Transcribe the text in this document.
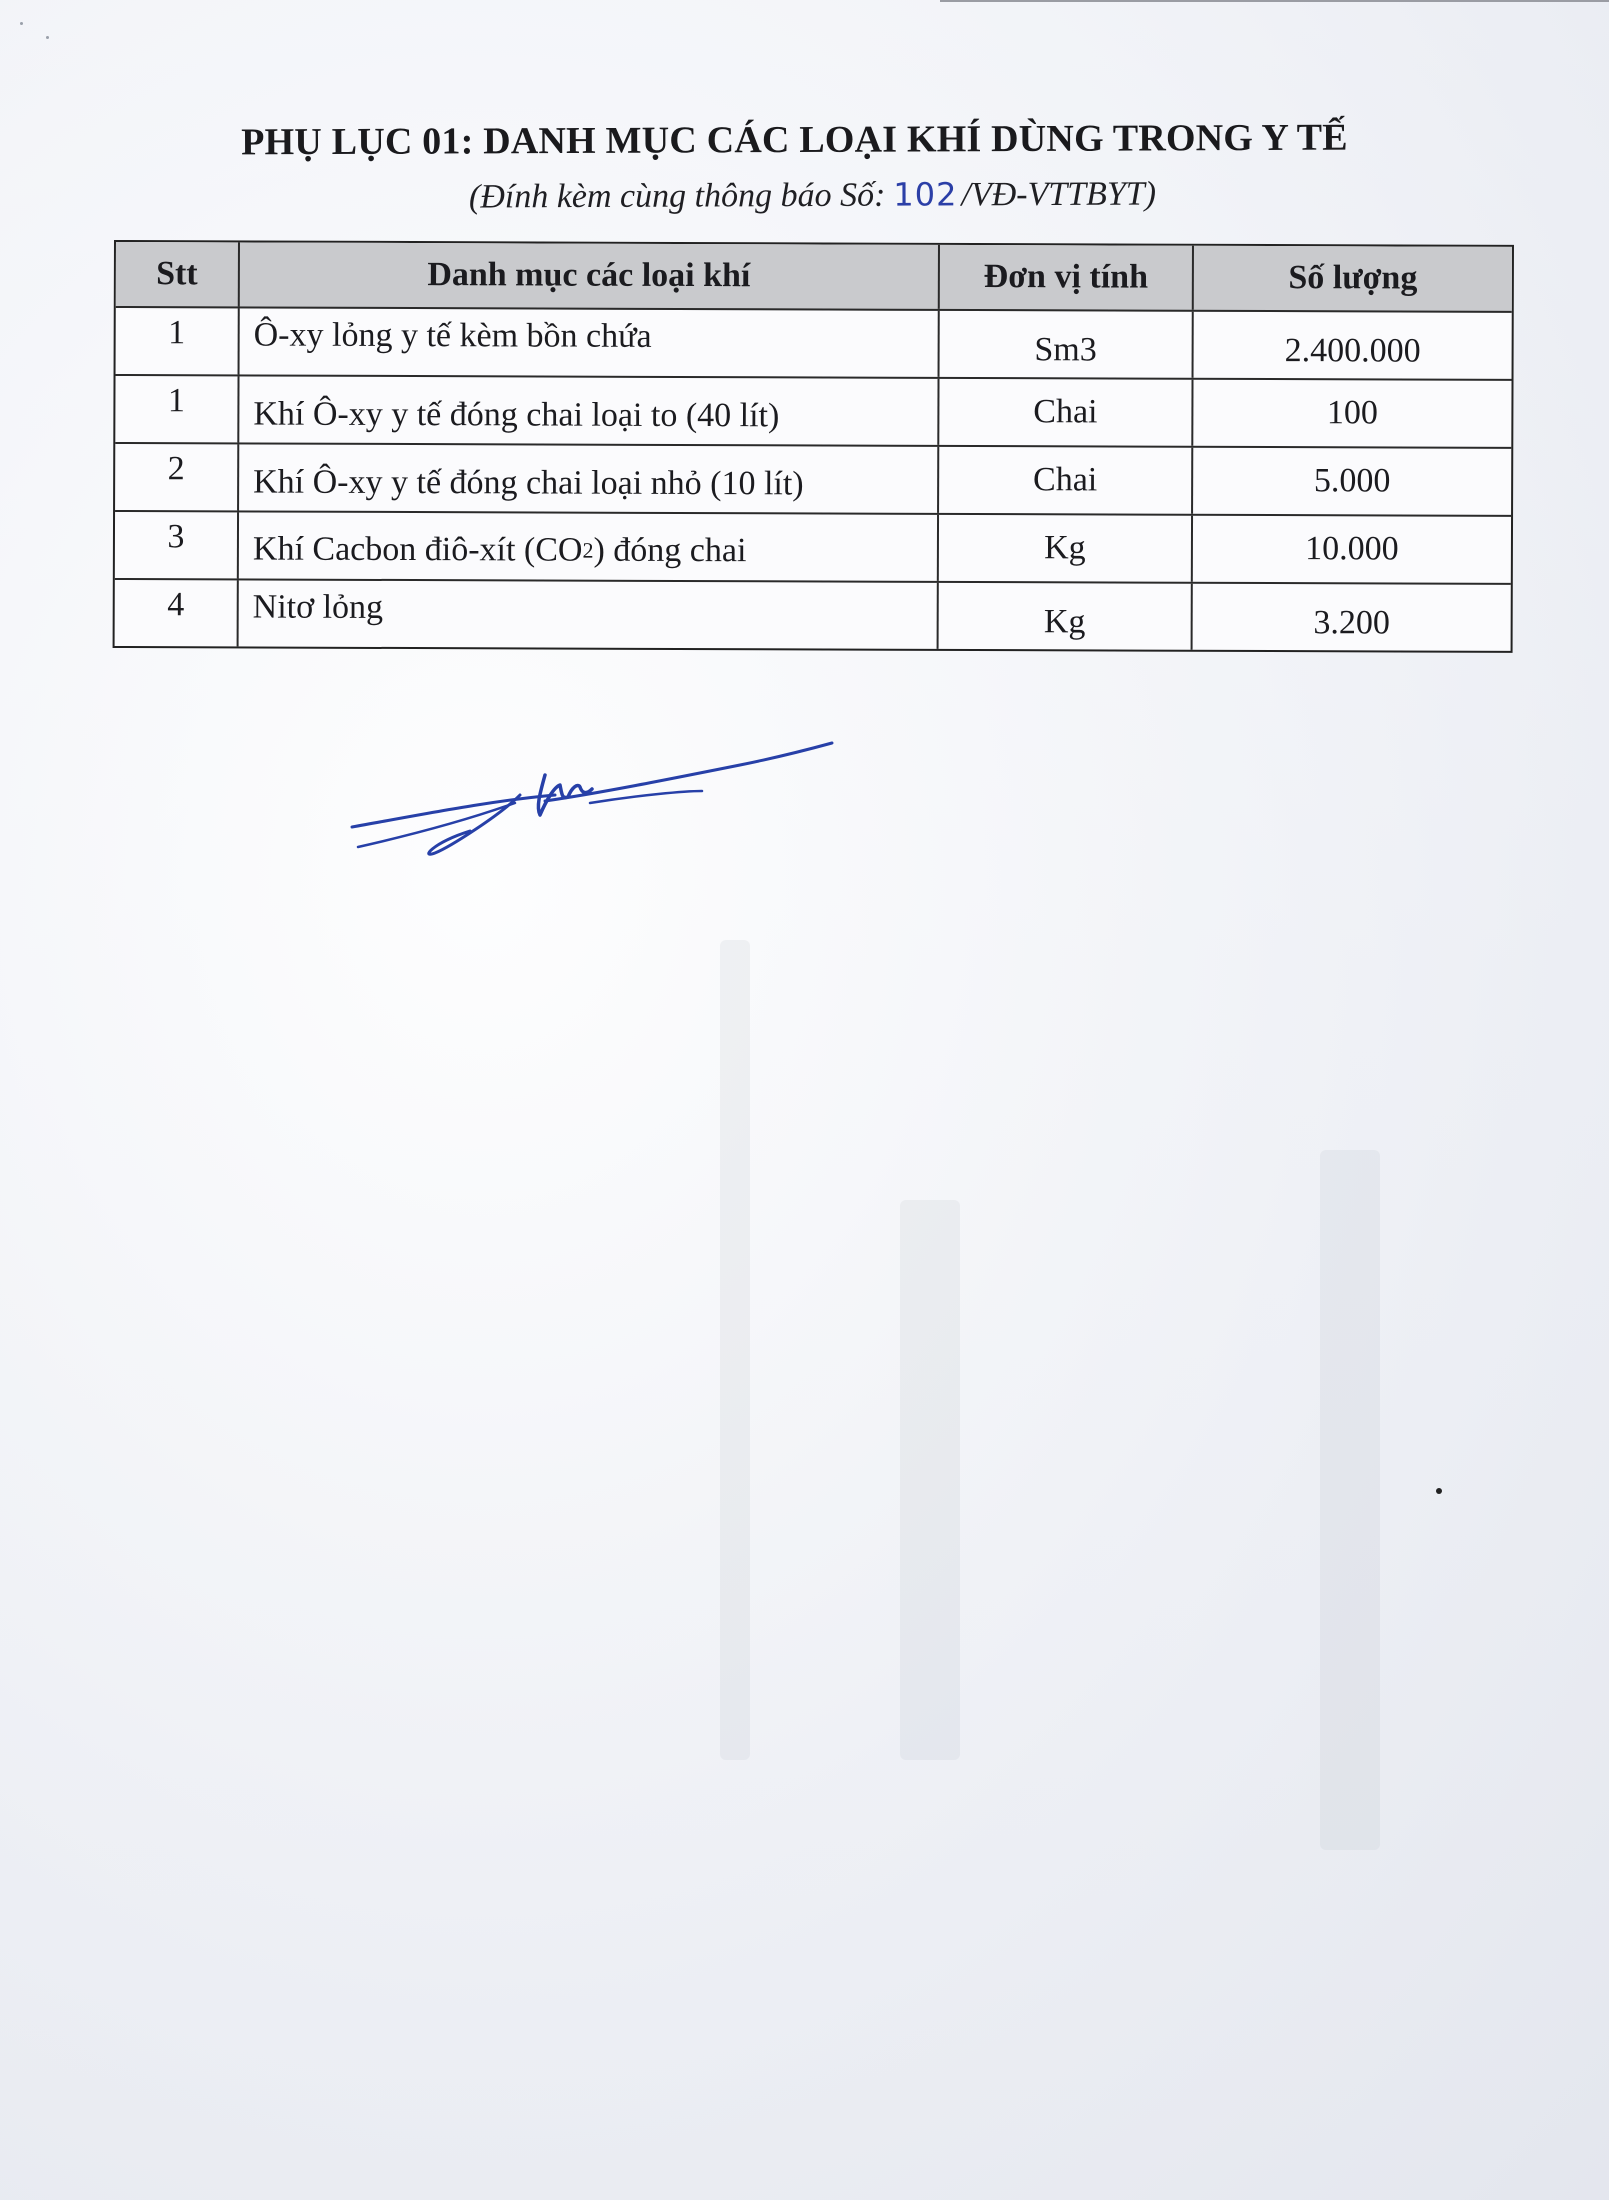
PHỤ LỤC 01: DANH MỤC CÁC LOẠI KHÍ DÙNG TRONG Y TẾ
(Đính kèm cùng thông báo Số: 102 /VĐ-VTTBYT)
Stt	Danh mục các loại khí	Đơn vị tính	Số lượng
1	Ô-xy lỏng y tế kèm bồn chứa	Sm3	2.400.000
1	Khí Ô-xy y tế đóng chai loại to (40 lít)	Chai	100
2	Khí Ô-xy y tế đóng chai loại nhỏ (10 lít)	Chai	5.000
3	Khí Cacbon điô-xít (CO 2 ) đóng chai	Kg	10.000
4	Nitơ lỏng	Kg	3.200
